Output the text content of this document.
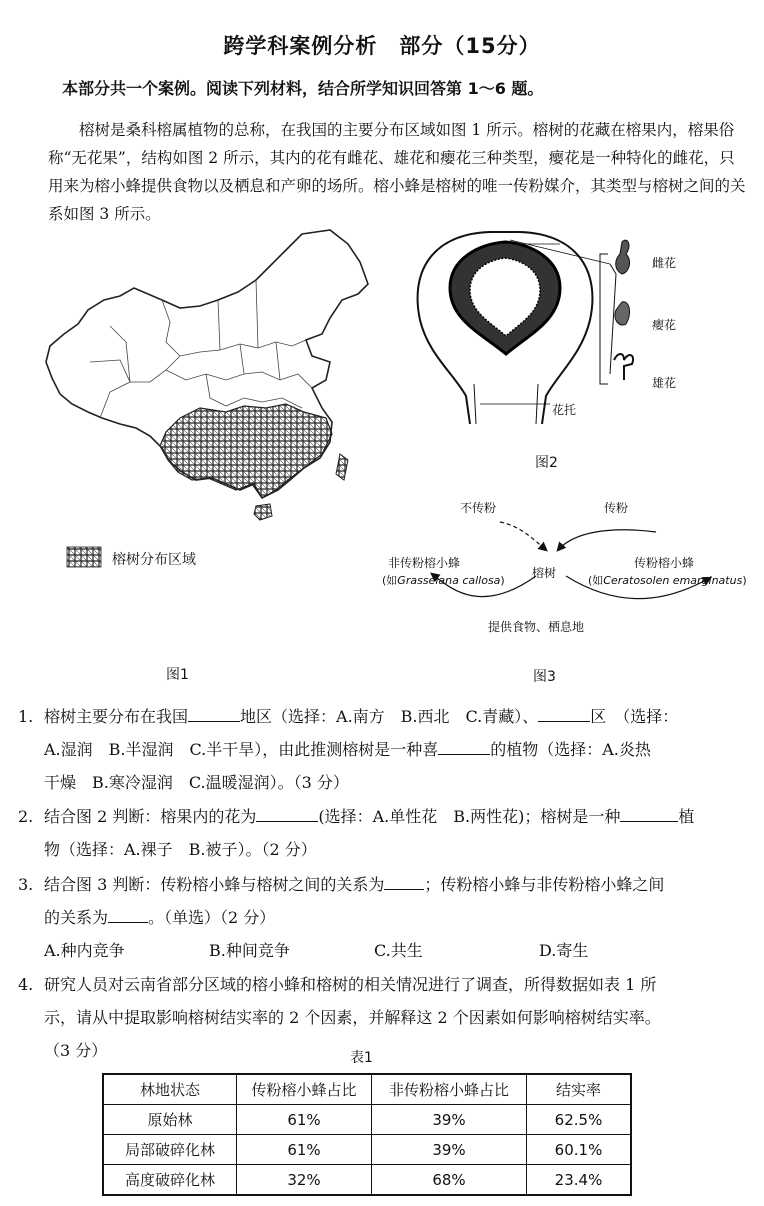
跨学科案例分析　部分（15分）
本部分共一个案例。阅读下列材料，结合所学知识回答第 1～6 题。

榕树是桑科榕属植物的总称，在我国的主要分布区域如图 1 所示。榕树的花藏在榕果内，榕果俗称“无花果”，结构如图 2 所示，其内的花有雌花、雄花和瘿花三种类型，瘿花是一种特化的雌花，只用来为榕小蜂提供食物以及栖息和产卵的场所。榕小蜂是榕树的唯一传粉媒介，其类型与榕树之间的关系如图 3 所示。

榕树分布区域
图1
雌花
瘿花
雄花
花托
图2
不传粉	传粉
非传粉榕小蜂
(如Grasseiana callosa)
榕树
传粉榕小蜂
(如Ceratosolen emarginatus)
提供食物、栖息地
图3
1. 榕树主要分布在我国	地区（选择：A.南方　B.西北　C.青藏）、	区　（选择：
A.湿润　B.半湿润　C.半干旱），由此推测榕树是一种喜	的植物（选择：A.炎热
干燥　B.寒冷湿润　C.温暖湿润）。（3 分）
2. 结合图 2 判断：榕果内的花为	(选择：A.单性花　B.两性花)；榕树是一种	植
物（选择：A.裸子　B.被子）。（2 分）
3. 结合图 3 判断：传粉榕小蜂与榕树之间的关系为	；传粉榕小蜂与非传粉榕小蜂之间
的关系为	。（单选）（2 分）
A.种内竞争	B.种间竞争	C.共生	D.寄生
4. 研究人员对云南省部分区域的榕小蜂和榕树的相关情况进行了调查，所得数据如表 1 所
示，请从中提取影响榕树结实率的 2 个因素，并解释这 2 个因素如何影响榕树结实率。
（3 分）	表1
林地状态	传粉榕小蜂占比	非传粉榕小蜂占比	结实率
原始林	61%	39%	62.5%
局部破碎化林	61%	39%	60.1%
高度破碎化林	32%	68%	23.4%
